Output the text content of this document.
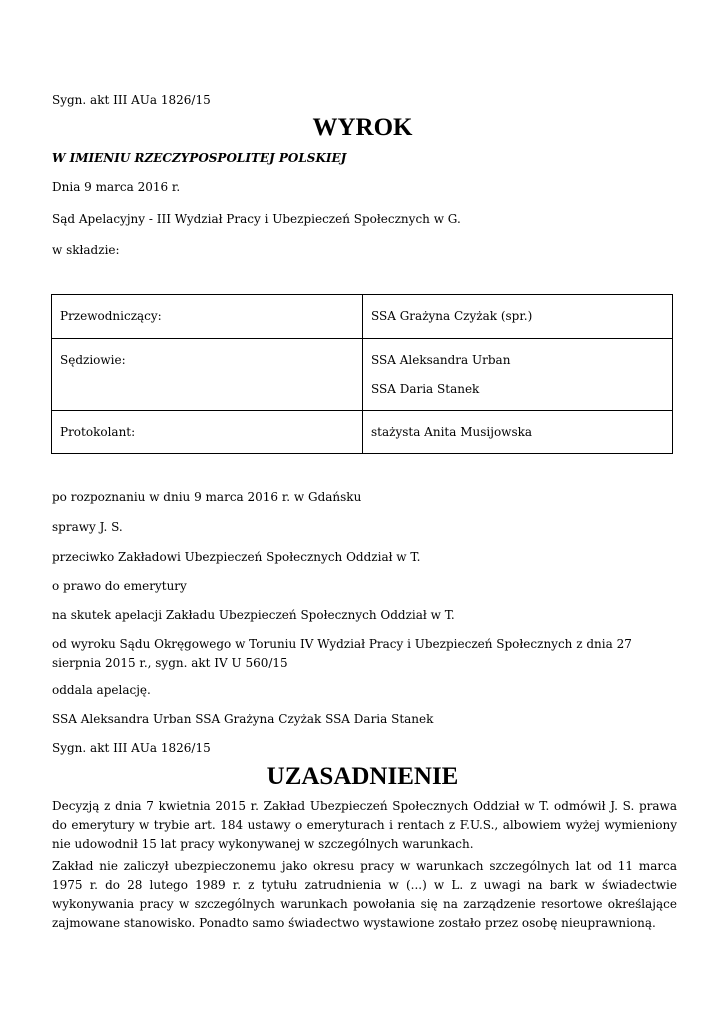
Sygn. akt III AUa 1826/15

WYROK

W IMIENIU RZECZYPOSPOLITEJ POLSKIEJ

Dnia 9 marca 2016 r.

Sąd Apelacyjny - III Wydział Pracy i Ubezpieczeń Społecznych w G.

w składzie:

Przewodniczący:	SSA Grażyna Czyżak (spr.)

Sędziowie:	SSA Aleksandra Urban
SSA Daria Stanek

Protokolant:	stażysta Anita Musijowska

po rozpoznaniu w dniu 9 marca 2016 r. w Gdańsku

sprawy J. S.

przeciwko Zakładowi Ubezpieczeń Społecznych Oddział w T.

o prawo do emerytury

na skutek apelacji Zakładu Ubezpieczeń Społecznych Oddział w T.

od wyroku Sądu Okręgowego w Toruniu IV Wydział Pracy i Ubezpieczeń Społecznych z dnia 27 sierpnia 2015 r., sygn. akt IV U 560/15

oddala apelację.

SSA Aleksandra Urban SSA Grażyna Czyżak SSA Daria Stanek

Sygn. akt III AUa 1826/15

UZASADNIENIE

Decyzją z dnia 7 kwietnia 2015 r. Zakład Ubezpieczeń Społecznych Oddział w T. odmówił J. S. prawa do emerytury w trybie art. 184 ustawy o emeryturach i rentach z F.U.S., albowiem wyżej wymieniony nie udowodnił 15 lat pracy wykonywanej w szczególnych warunkach.

Zakład nie zaliczył ubezpieczonemu jako okresu pracy w warunkach szczególnych lat od 11 marca 1975 r. do 28 lutego 1989 r. z tytułu zatrudnienia w (...) w L. z uwagi na bark w świadectwie wykonywania pracy w szczególnych warunkach powołania się na zarządzenie resortowe określające zajmowane stanowisko. Ponadto samo świadectwo wystawione zostało przez osobę nieuprawnioną.
